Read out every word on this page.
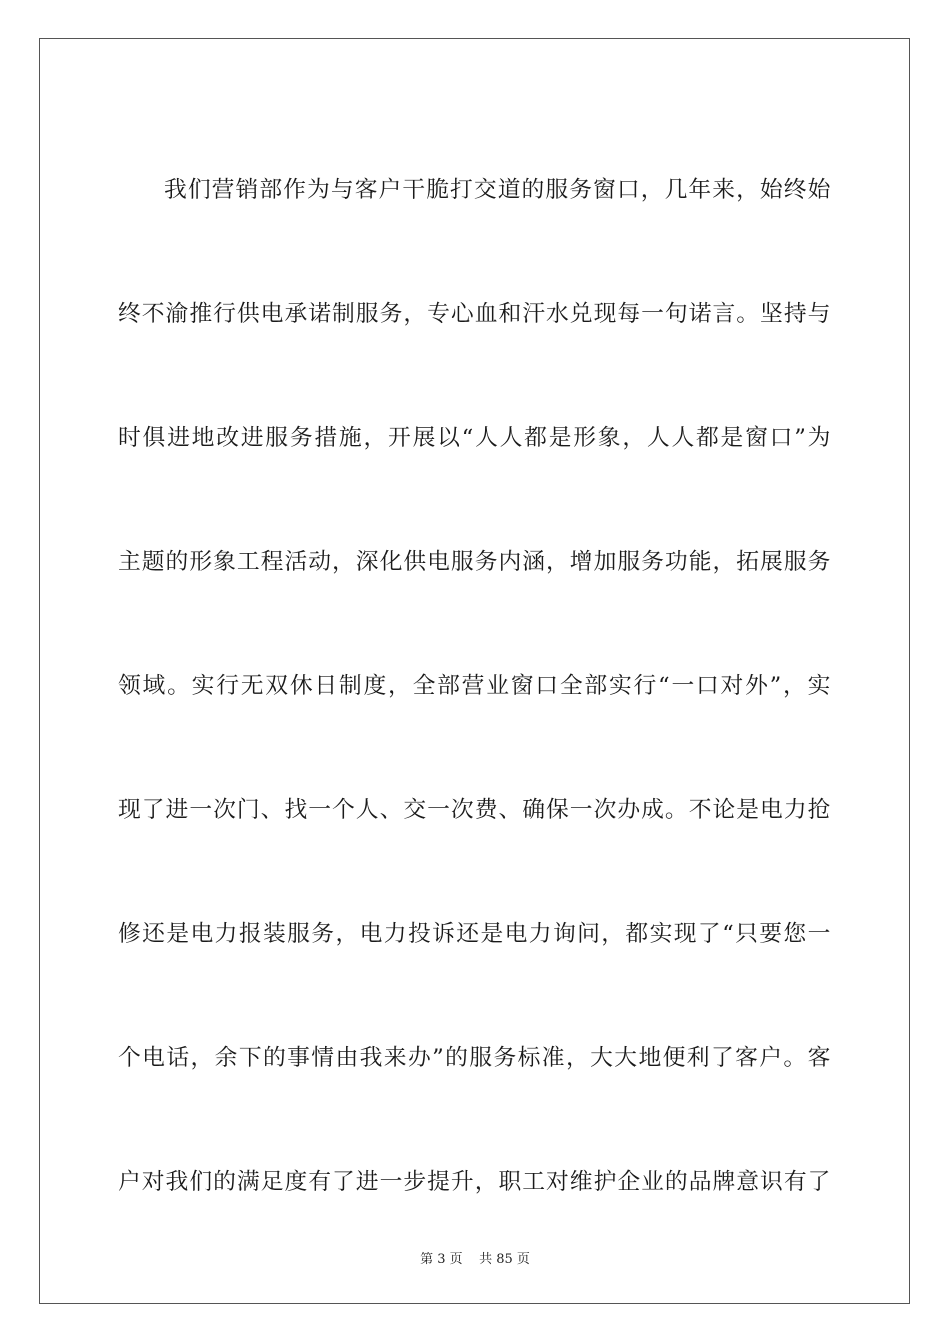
我们营销部作为与客户干脆打交道的服务窗口，几年来，始终始
终不渝推行供电承诺制服务，专心血和汗水兑现每一句诺言。坚持与
时俱进地改进服务措施，开展以“人人都是形象，人人都是窗口”为
主题的形象工程活动，深化供电服务内涵，增加服务功能，拓展服务
领域。实行无双休日制度，全部营业窗口全部实行“一口对外”，实
现了进一次门、找一个人、交一次费、确保一次办成。不论是电力抢
修还是电力报装服务，电力投诉还是电力询问，都实现了“只要您一
个电话，余下的事情由我来办”的服务标准，大大地便利了客户。客
户对我们的满足度有了进一步提升，职工对维护企业的品牌意识有了
第 3 页    共 85 页
